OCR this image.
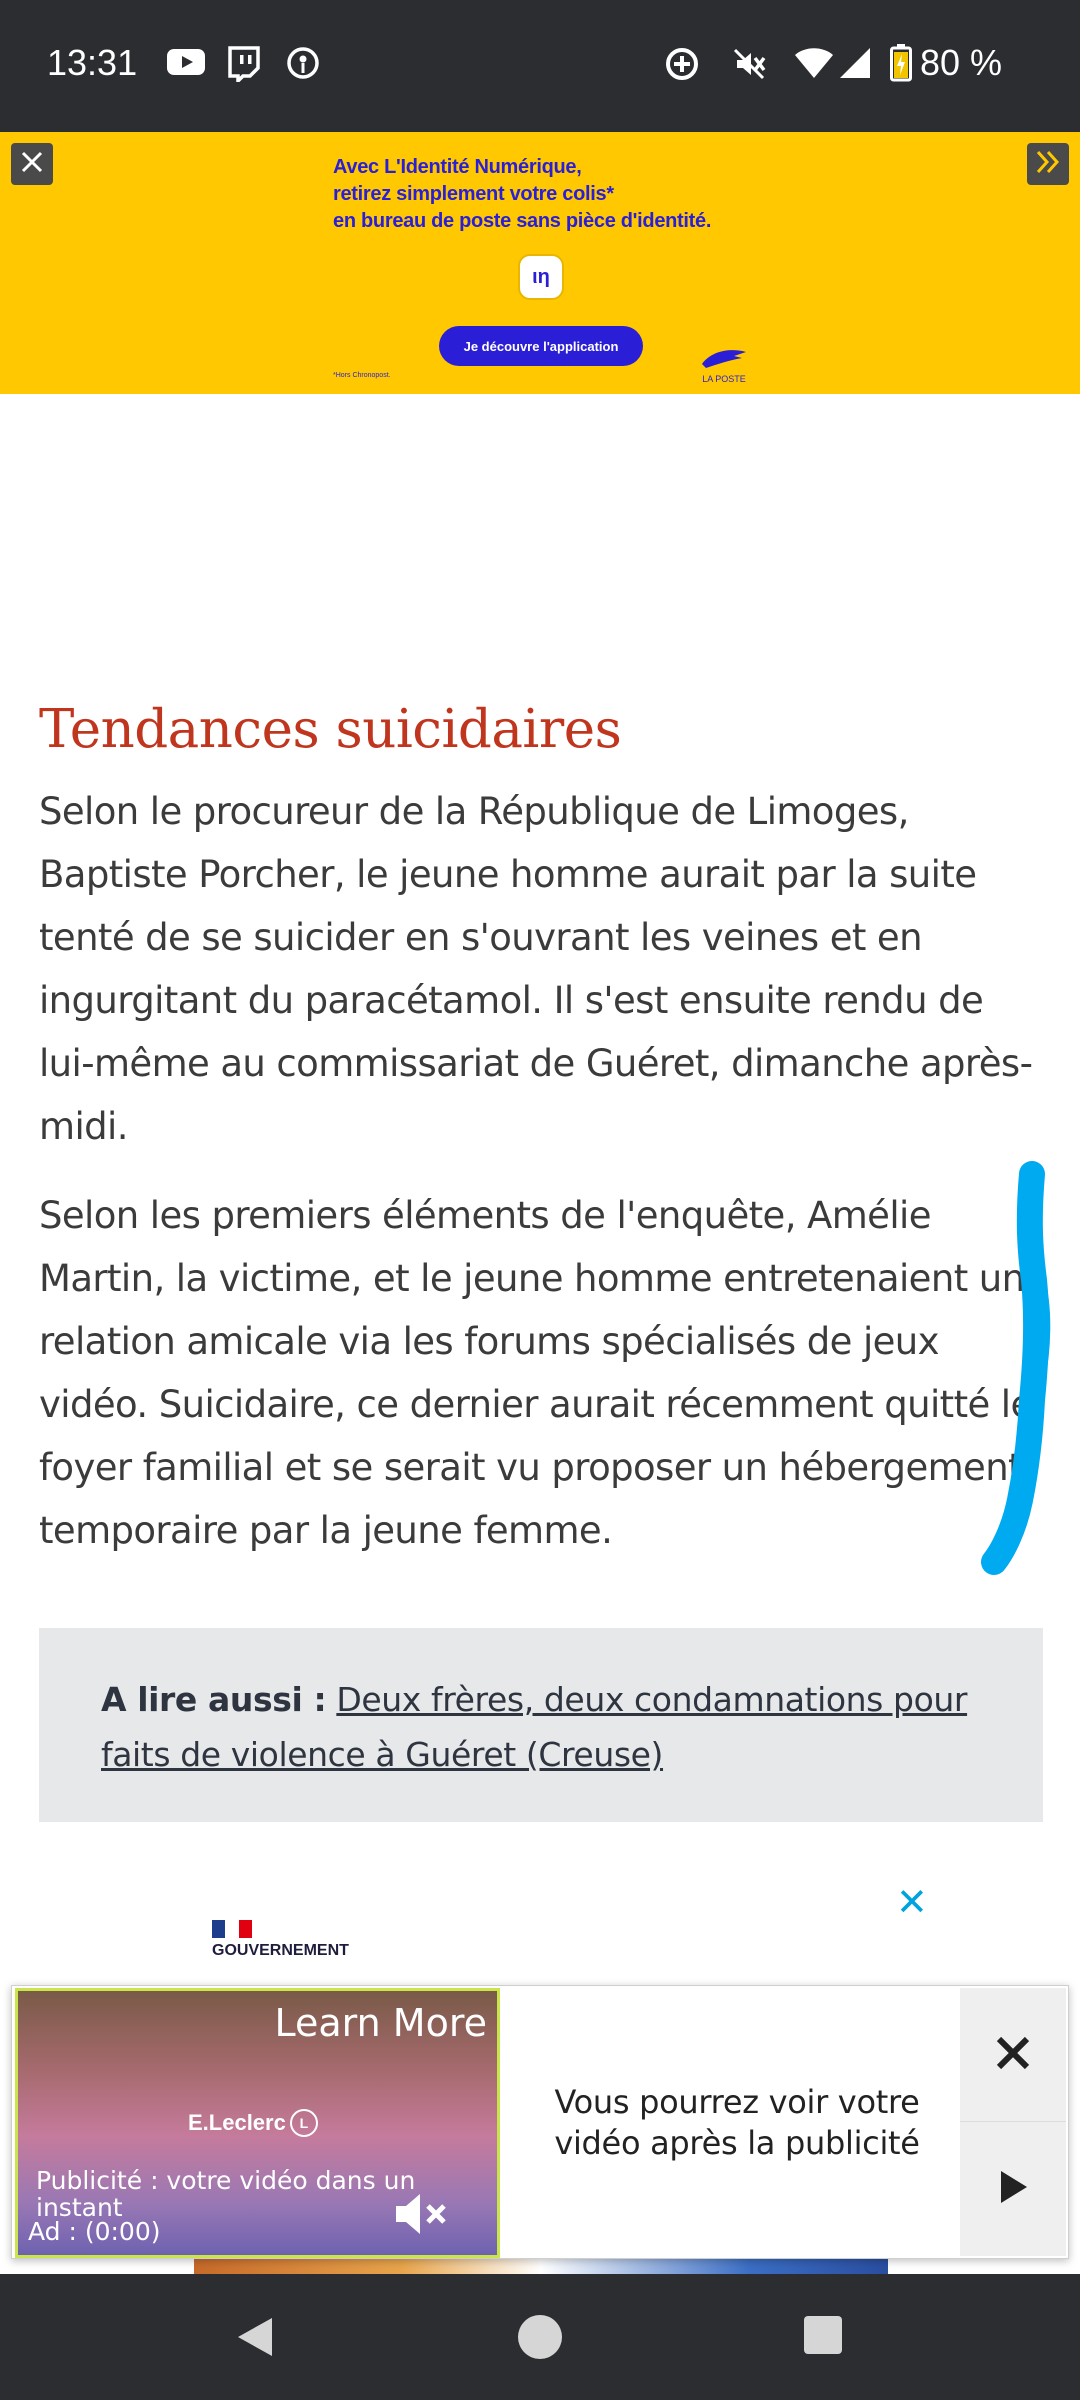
13:31	80 %
Avec L'Identité Numérique,
retirez simplement votre colis*
en bureau de poste sans pièce d'identité.
ιη
Je découvre l'application
*Hors Chronopost.	LA POSTE
Tendances suicidaires

Selon le procureur de la République de Limoges, Baptiste Porcher, le jeune homme aurait par la suite tenté de se suicider en s'ouvrant les veines et en ingurgitant du paracétamol. Il s'est ensuite rendu de lui-même au commissariat de Guéret, dimanche après-midi.

Selon les premiers éléments de l'enquête, Amélie Martin, la victime, et le jeune homme entretenaient une relation amicale via les forums spécialisés de jeux vidéo. Suicidaire, ce dernier aurait récemment quitté le foyer familial et se serait vu proposer un hébergement temporaire par la jeune femme.

A lire aussi : Deux frères, deux condamnations pour faits de violence à Guéret (Creuse)
GOUVERNEMENT
✕
Learn More
E.Leclerc L
Publicité : votre vidéo dans un instant
Ad : (0:00)
Vous pourrez voir votre vidéo après la publicité
